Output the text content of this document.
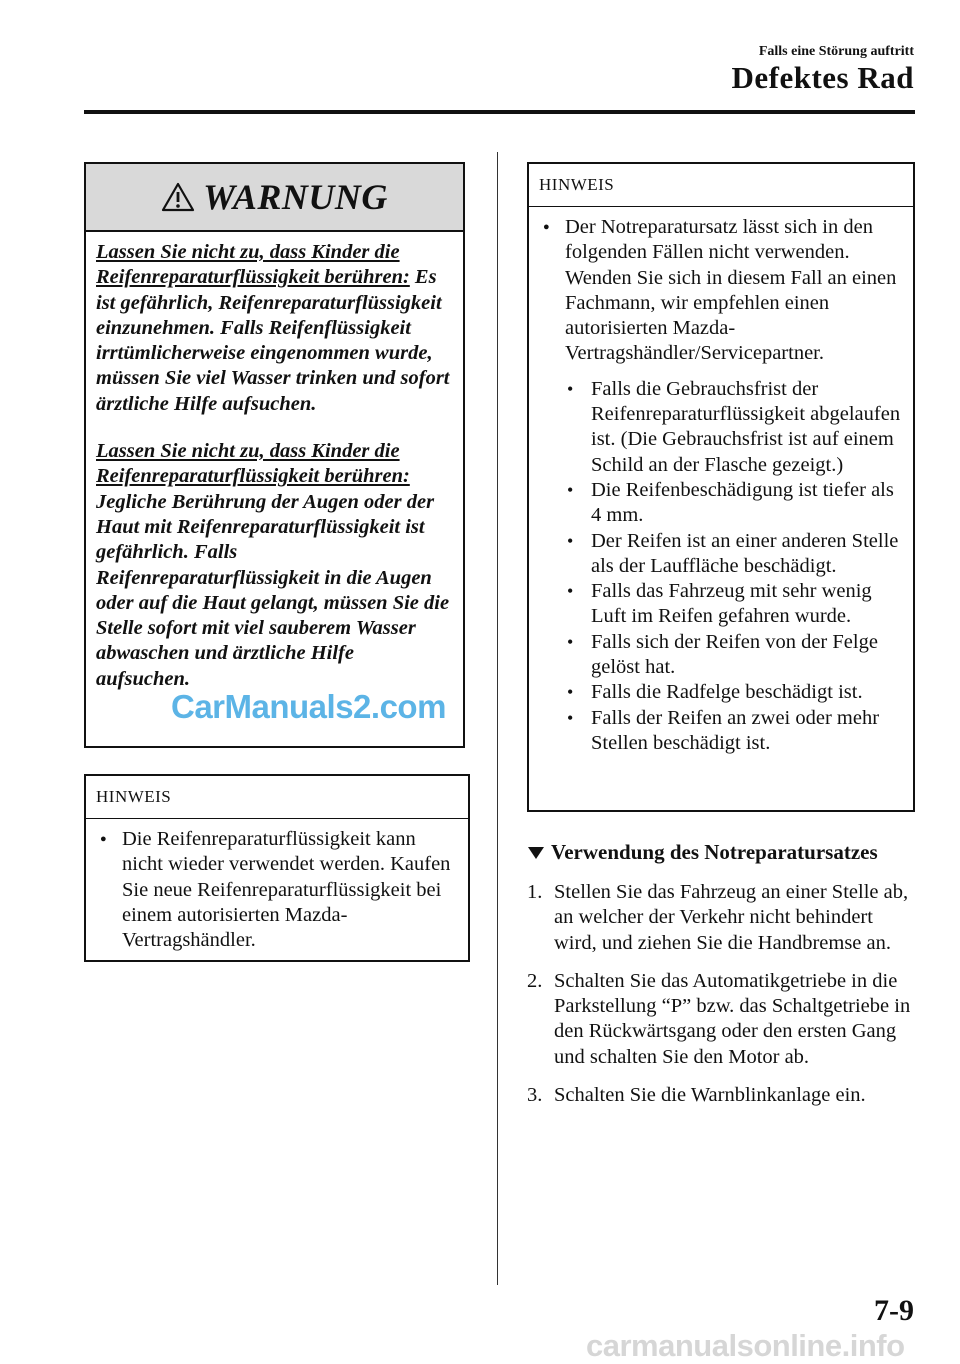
Falls eine Störung auftritt
Defektes Rad
WARNUNG

Lassen Sie nicht zu, dass Kinder die Reifenreparaturflüssigkeit berühren: Es ist gefährlich, Reifenreparaturflüssigkeit einzunehmen. Falls Reifenflüssigkeit irrtümlicherweise eingenommen wurde, müssen Sie viel Wasser trinken und sofort ärztliche Hilfe aufsuchen.

Lassen Sie nicht zu, dass Kinder die Reifenreparaturflüssigkeit berühren: Jegliche Berührung der Augen oder der Haut mit Reifenreparaturflüssigkeit ist gefährlich. Falls Reifenreparaturflüssigkeit in die Augen oder auf die Haut gelangt, müssen Sie die Stelle sofort mit viel sauberem Wasser abwaschen und ärztliche Hilfe aufsuchen.

HINWEIS
● Die Reifenreparaturflüssigkeit kann nicht wieder verwendet werden. Kaufen Sie neue Reifenreparaturflüssigkeit bei einem autorisierten Mazda-Vertragshändler.
HINWEIS
● Der Notreparatursatz lässt sich in den folgenden Fällen nicht verwenden. Wenden Sie sich in diesem Fall an einen Fachmann, wir empfehlen einen autorisierten Mazda-Vertragshändler/Servicepartner.
• Falls die Gebrauchsfrist der Reifenreparaturflüssigkeit abgelaufen ist. (Die Gebrauchsfrist ist auf einem Schild an der Flasche gezeigt.)
• Die Reifenbeschädigung ist tiefer als 4 mm.
• Der Reifen ist an einer anderen Stelle als der Lauffläche beschädigt.
• Falls das Fahrzeug mit sehr wenig Luft im Reifen gefahren wurde.
• Falls sich der Reifen von der Felge gelöst hat.
• Falls die Radfelge beschädigt ist.
• Falls der Reifen an zwei oder mehr Stellen beschädigt ist.
Verwendung des Notreparatursatzes
1. Stellen Sie das Fahrzeug an einer Stelle ab, an welcher der Verkehr nicht behindert wird, und ziehen Sie die Handbremse an.
2. Schalten Sie das Automatikgetriebe in die Parkstellung “P” bzw. das Schaltgetriebe in den Rückwärtsgang oder den ersten Gang und schalten Sie den Motor ab.
3. Schalten Sie die Warnblinkanlage ein.
7-9
CarManuals2.com
carmanualsonline.info
